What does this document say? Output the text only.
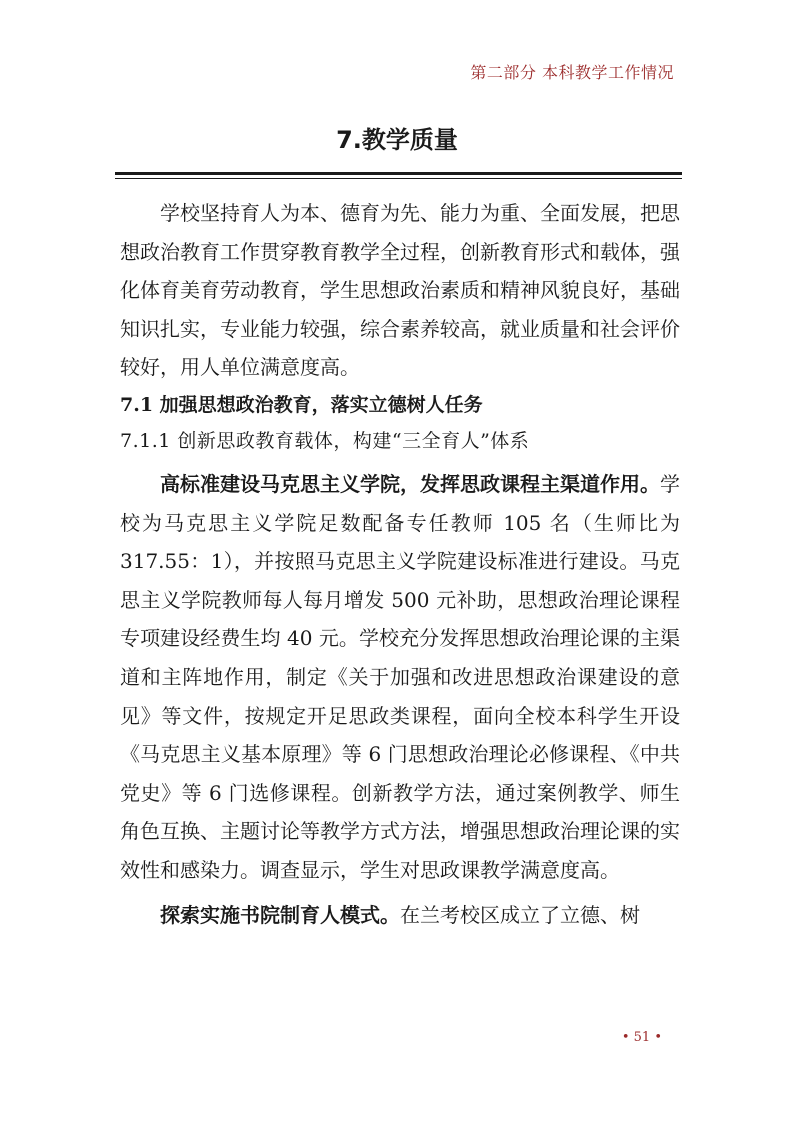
第二部分 本科教学工作情况
7.教学质量

学校坚持育人为本、德育为先、能力为重、全面发展，把思想政治教育工作贯穿教育教学全过程，创新教育形式和载体，强化体育美育劳动教育，学生思想政治素质和精神风貌良好，基础知识扎实，专业能力较强，综合素养较高，就业质量和社会评价较好，用人单位满意度高。

7.1 加强思想政治教育，落实立德树人任务

7.1.1 创新思政教育载体，构建“三全育人”体系

高标准建设马克思主义学院，发挥思政课程主渠道作用。学校为马克思主义学院足数配备专任教师 105 名（生师比为 317.55：1），并按照马克思主义学院建设标准进行建设。马克思主义学院教师每人每月增发 500 元补助，思想政治理论课程专项建设经费生均 40 元。学校充分发挥思想政治理论课的主渠道和主阵地作用，制定《关于加强和改进思想政治课建设的意见》等文件，按规定开足思政类课程，面向全校本科学生开设《马克思主义基本原理》等 6 门思想政治理论必修课程、《中共党史》等 6 门选修课程。创新教学方法，通过案例教学、师生角色互换、主题讨论等教学方式方法，增强思想政治理论课的实效性和感染力。调查显示，学生对思政课教学满意度高。

探索实施书院制育人模式。在兰考校区成立了立德、树

• 51 •
